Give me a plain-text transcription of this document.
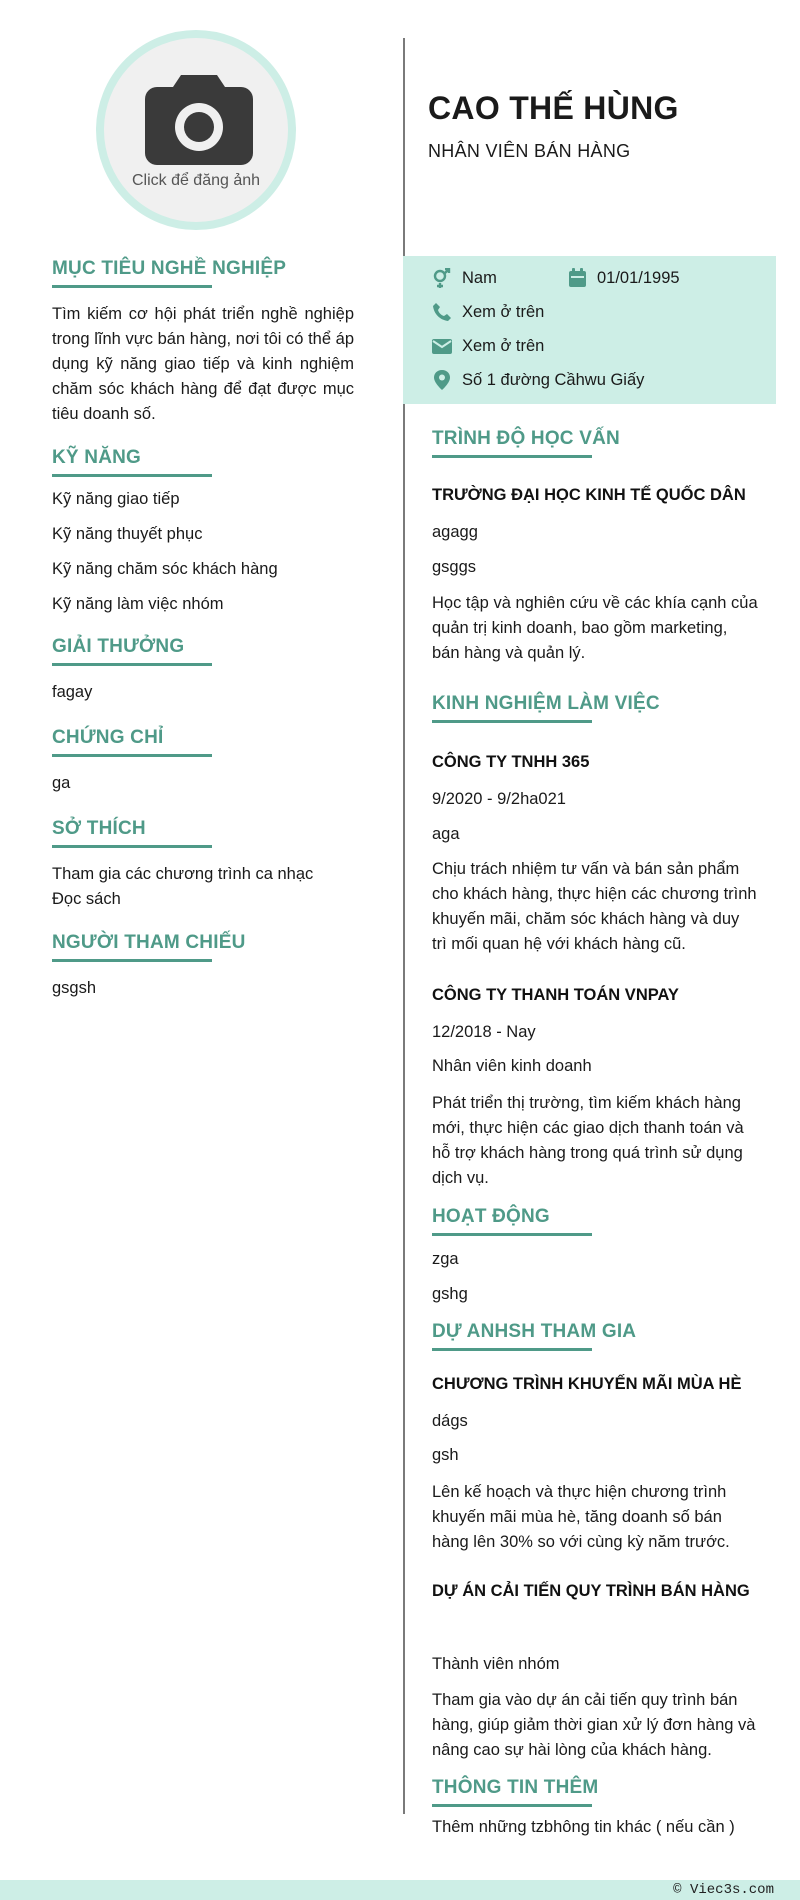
Click để đăng ảnh
MỤC TIÊU NGHỀ NGHIỆP
Tìm kiếm cơ hội phát triển nghề nghiệp trong lĩnh vực bán hàng, nơi tôi có thể áp dụng kỹ năng giao tiếp và kinh nghiệm chăm sóc khách hàng để đạt được mục tiêu doanh số.
KỸ NĂNG
Kỹ năng giao tiếp
Kỹ năng thuyết phục
Kỹ năng chăm sóc khách hàng
Kỹ năng làm việc nhóm
GIẢI THƯỞNG
fagay
CHỨNG CHỈ
ga
SỞ THÍCH
Tham gia các chương trình ca nhạc
Đọc sách
NGƯỜI THAM CHIẾU
gsgsh
CAO THẾ HÙNG
NHÂN VIÊN BÁN HÀNG
Nam	01/01/1995
Xem ở trên
Xem ở trên
Số 1 đường Cầhwu Giấy
TRÌNH ĐỘ HỌC VẤN
TRƯỜNG ĐẠI HỌC KINH TẾ QUỐC DÂN
agagg
gsggs
Học tập và nghiên cứu về các khía cạnh của quản trị kinh doanh, bao gồm marketing, bán hàng và quản lý.
KINH NGHIỆM LÀM VIỆC
CÔNG TY TNHH 365
9/2020 - 9/2ha021
aga
Chịu trách nhiệm tư vấn và bán sản phẩm cho khách hàng, thực hiện các chương trình khuyến mãi, chăm sóc khách hàng và duy trì mối quan hệ với khách hàng cũ.
CÔNG TY THANH TOÁN VNPAY
12/2018 - Nay
Nhân viên kinh doanh
Phát triển thị trường, tìm kiếm khách hàng mới, thực hiện các giao dịch thanh toán và hỗ trợ khách hàng trong quá trình sử dụng dịch vụ.
HOẠT ĐỘNG
zga
gshg
DỰ ANHSH THAM GIA
CHƯƠNG TRÌNH KHUYẾN MÃI MÙA HÈ
dágs
gsh
Lên kế hoạch và thực hiện chương trình khuyến mãi mùa hè, tăng doanh số bán hàng lên 30% so với cùng kỳ năm trước.
DỰ ÁN CẢI TIẾN QUY TRÌNH BÁN HÀNG
Thành viên nhóm
Tham gia vào dự án cải tiến quy trình bán hàng, giúp giảm thời gian xử lý đơn hàng và nâng cao sự hài lòng của khách hàng.
THÔNG TIN THÊM
Thêm những tzbhông tin khác ( nếu cần )
© Viec3s.com
